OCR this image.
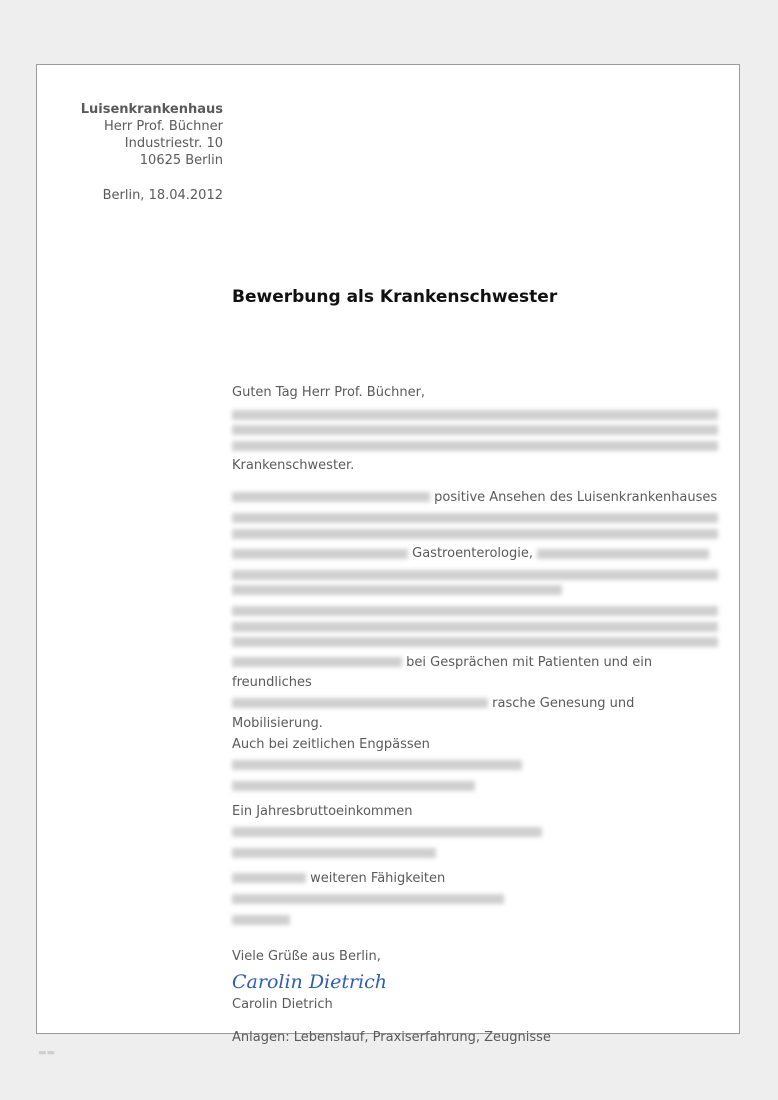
Luisenkrankenhaus
Herr Prof. Büchner
Industriestr. 10
10625 Berlin
Berlin, 18.04.2012
Bewerbung als Krankenschwester

Guten Tag Herr Prof. Büchner,

Krankenschwester.

positive Ansehen des Luisenkrankenhauses

Gastroenterologie,

bei Gesprächen mit Patienten und ein freundliches
rasche Genesung und Mobilisierung.
Auch bei zeitlichen Engpässen

Ein Jahresbruttoeinkommen

weiteren Fähigkeiten

Viele Grüße aus Berlin,
Carolin Dietrich
Carolin Dietrich
Anlagen: Lebenslauf, Praxiserfahrung, Zeugnisse
▬▬
